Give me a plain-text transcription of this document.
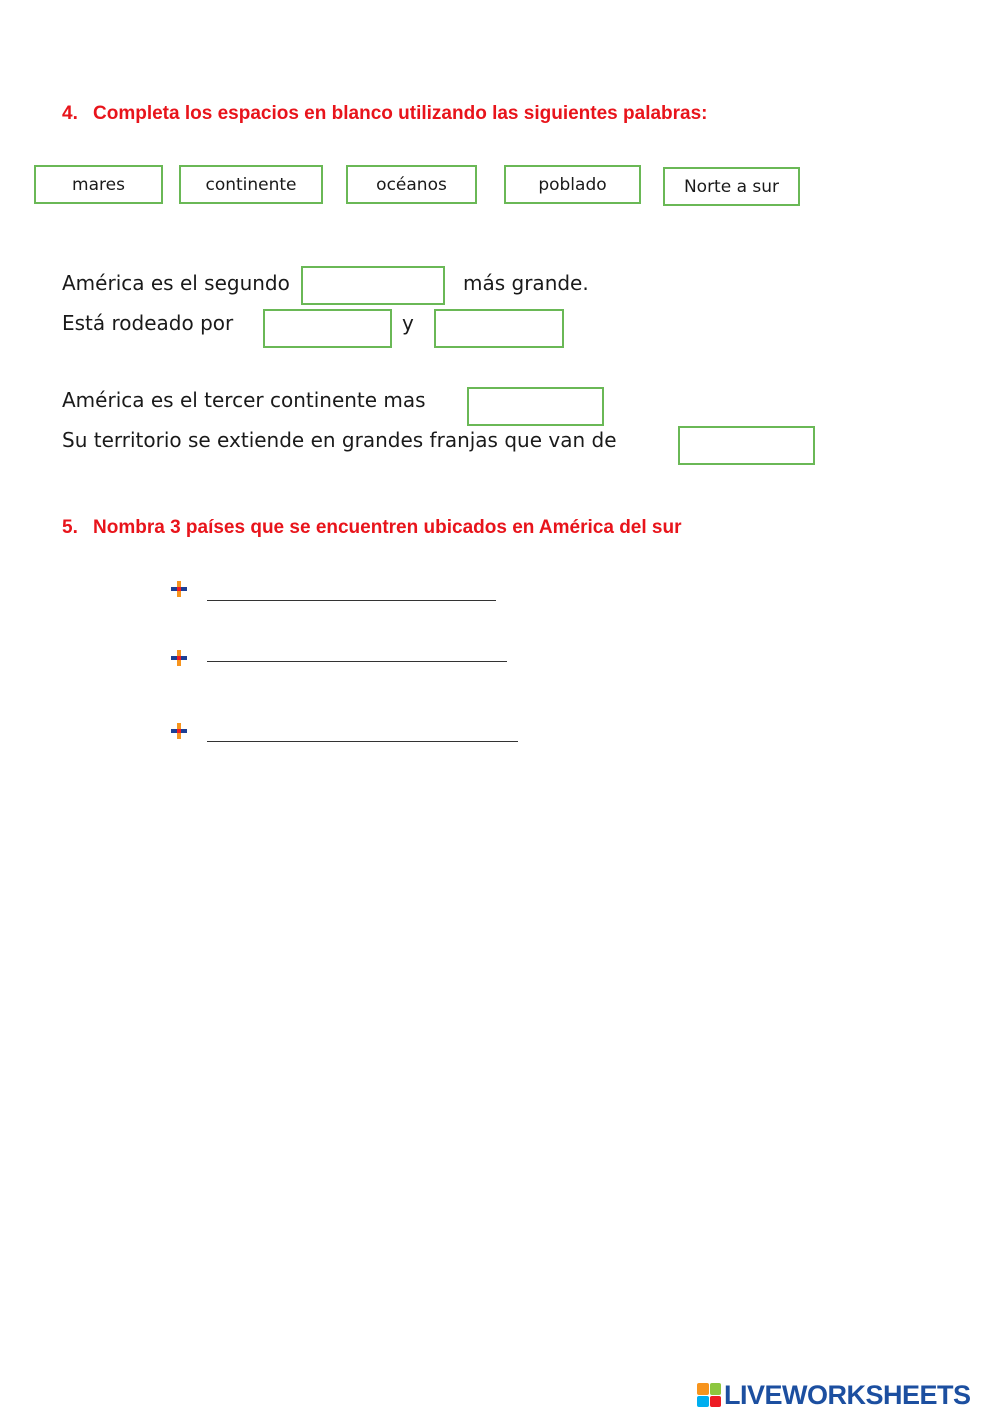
4. Completa los espacios en blanco utilizando las siguientes palabras:

mares	continente	océanos	poblado	Norte a sur
América es el segundo	más grande.
Está rodeado por	y
América es el tercer continente mas
Su territorio se extiende en grandes franjas que van de

5. Nombra 3 países que se encuentren ubicados en América del sur

LIVEWORKSHEETS
